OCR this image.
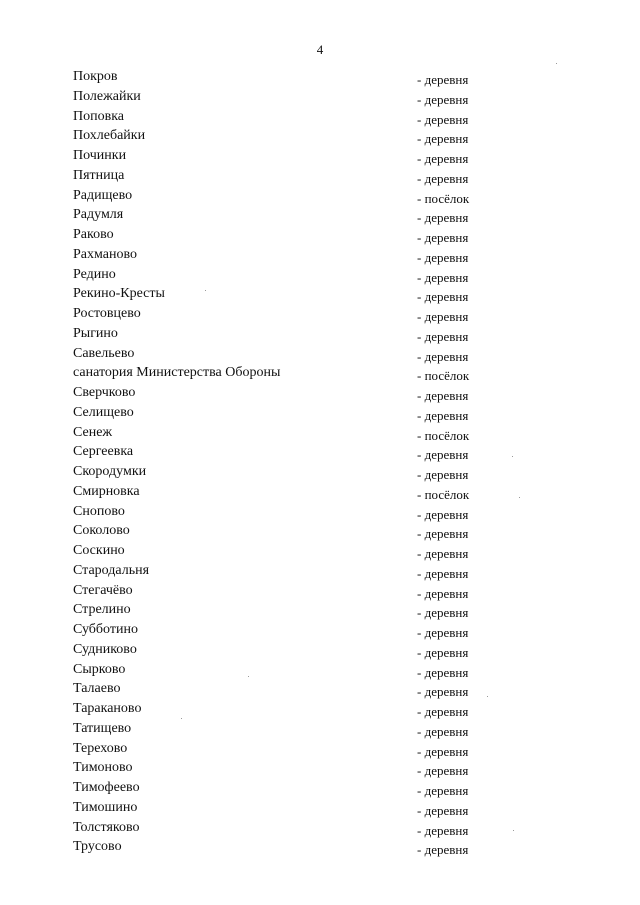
4
Покров	- деревня
Полежайки	- деревня
Поповка	- деревня
Похлебайки	- деревня
Починки	- деревня
Пятница	- деревня
Радищево	- посёлок
Радумля	- деревня
Раково	- деревня
Рахманово	- деревня
Редино	- деревня
Рекино-Кресты	- деревня
Ростовцево	- деревня
Рыгино	- деревня
Савельево	- деревня
санатория Министерства Обороны	- посёлок
Сверчково	- деревня
Селищево	- деревня
Сенеж	- посёлок
Сергеевка	- деревня
Скородумки	- деревня
Смирновка	- посёлок
Снопово	- деревня
Соколово	- деревня
Соскино	- деревня
Стародальня	- деревня
Стегачёво	- деревня
Стрелино	- деревня
Субботино	- деревня
Судниково	- деревня
Сырково	- деревня
Талаево	- деревня
Тараканово	- деревня
Татищево	- деревня
Терехово	- деревня
Тимоново	- деревня
Тимофеево	- деревня
Тимошино	- деревня
Толстяково	- деревня
Трусово	- деревня
